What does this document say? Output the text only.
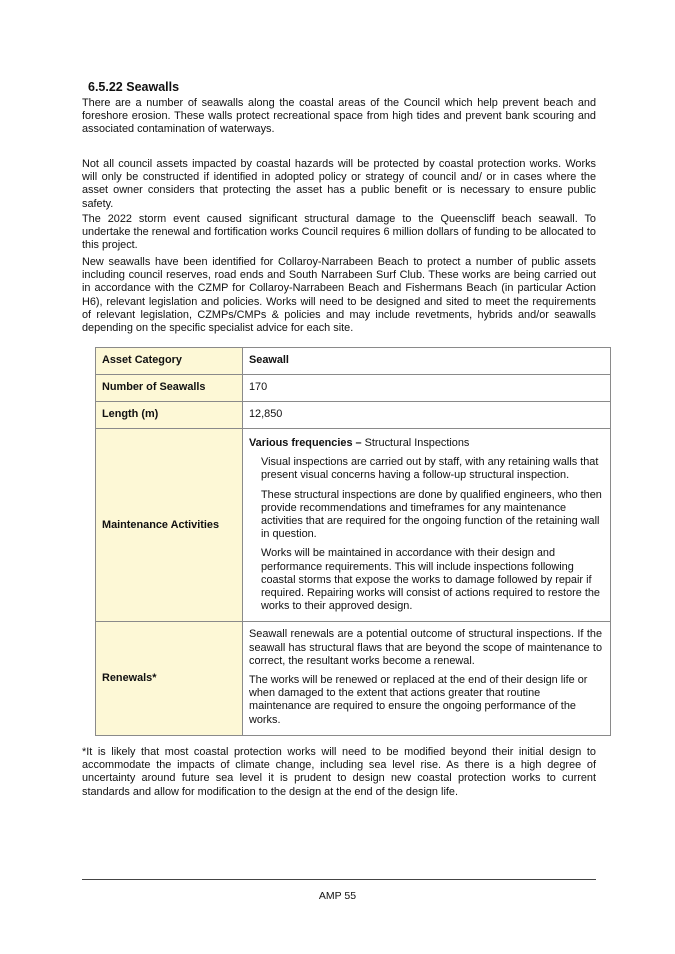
6.5.22 Seawalls

There are a number of seawalls along the coastal areas of the Council which help prevent beach and foreshore erosion. These walls protect recreational space from high tides and prevent bank scouring and associated contamination of waterways.

Not all council assets impacted by coastal hazards will be protected by coastal protection works. Works will only be constructed if identified in adopted policy or strategy of council and/ or in cases where the asset owner considers that protecting the asset has a public benefit or is necessary to ensure public safety.

The 2022 storm event caused significant structural damage to the Queenscliff beach seawall. To undertake the renewal and fortification works Council requires 6 million dollars of funding to be allocated to this project.

New seawalls have been identified for Collaroy-Narrabeen Beach to protect a number of public assets including council reserves, road ends and South Narrabeen Surf Club. These works are being carried out in accordance with the CZMP for Collaroy-Narrabeen Beach and Fishermans Beach (in particular Action H6), relevant legislation and policies. Works will need to be designed and sited to meet the requirements of relevant legislation, CZMPs/CMPs & policies and may include revetments, hybrids and/or seawalls depending on the specific specialist advice for each site.

Asset Category	Seawall
Number of Seawalls	170
Length (m)	12,850
Maintenance Activities	Various frequencies – Structural Inspections
Visual inspections are carried out by staff, with any retaining walls that present visual concerns having a follow-up structural inspection.
These structural inspections are done by qualified engineers, who then provide recommendations and timeframes for any maintenance activities that are required for the ongoing function of the retaining wall in question.
Works will be maintained in accordance with their design and performance requirements. This will include inspections following coastal storms that expose the works to damage followed by repair if required. Repairing works will consist of actions required to restore the works to their approved design.

Renewals*	Seawall renewals are a potential outcome of structural inspections. If the seawall has structural flaws that are beyond the scope of maintenance to correct, the resultant works become a renewal.

The works will be renewed or replaced at the end of their design life or when damaged to the extent that actions greater that routine maintenance are required to ensure the ongoing performance of the works.

*It is likely that most coastal protection works will need to be modified beyond their initial design to accommodate the impacts of climate change, including sea level rise. As there is a high degree of uncertainty around future sea level it is prudent to design new coastal protection works to current standards and allow for modification to the design at the end of the design life.

AMP 55
